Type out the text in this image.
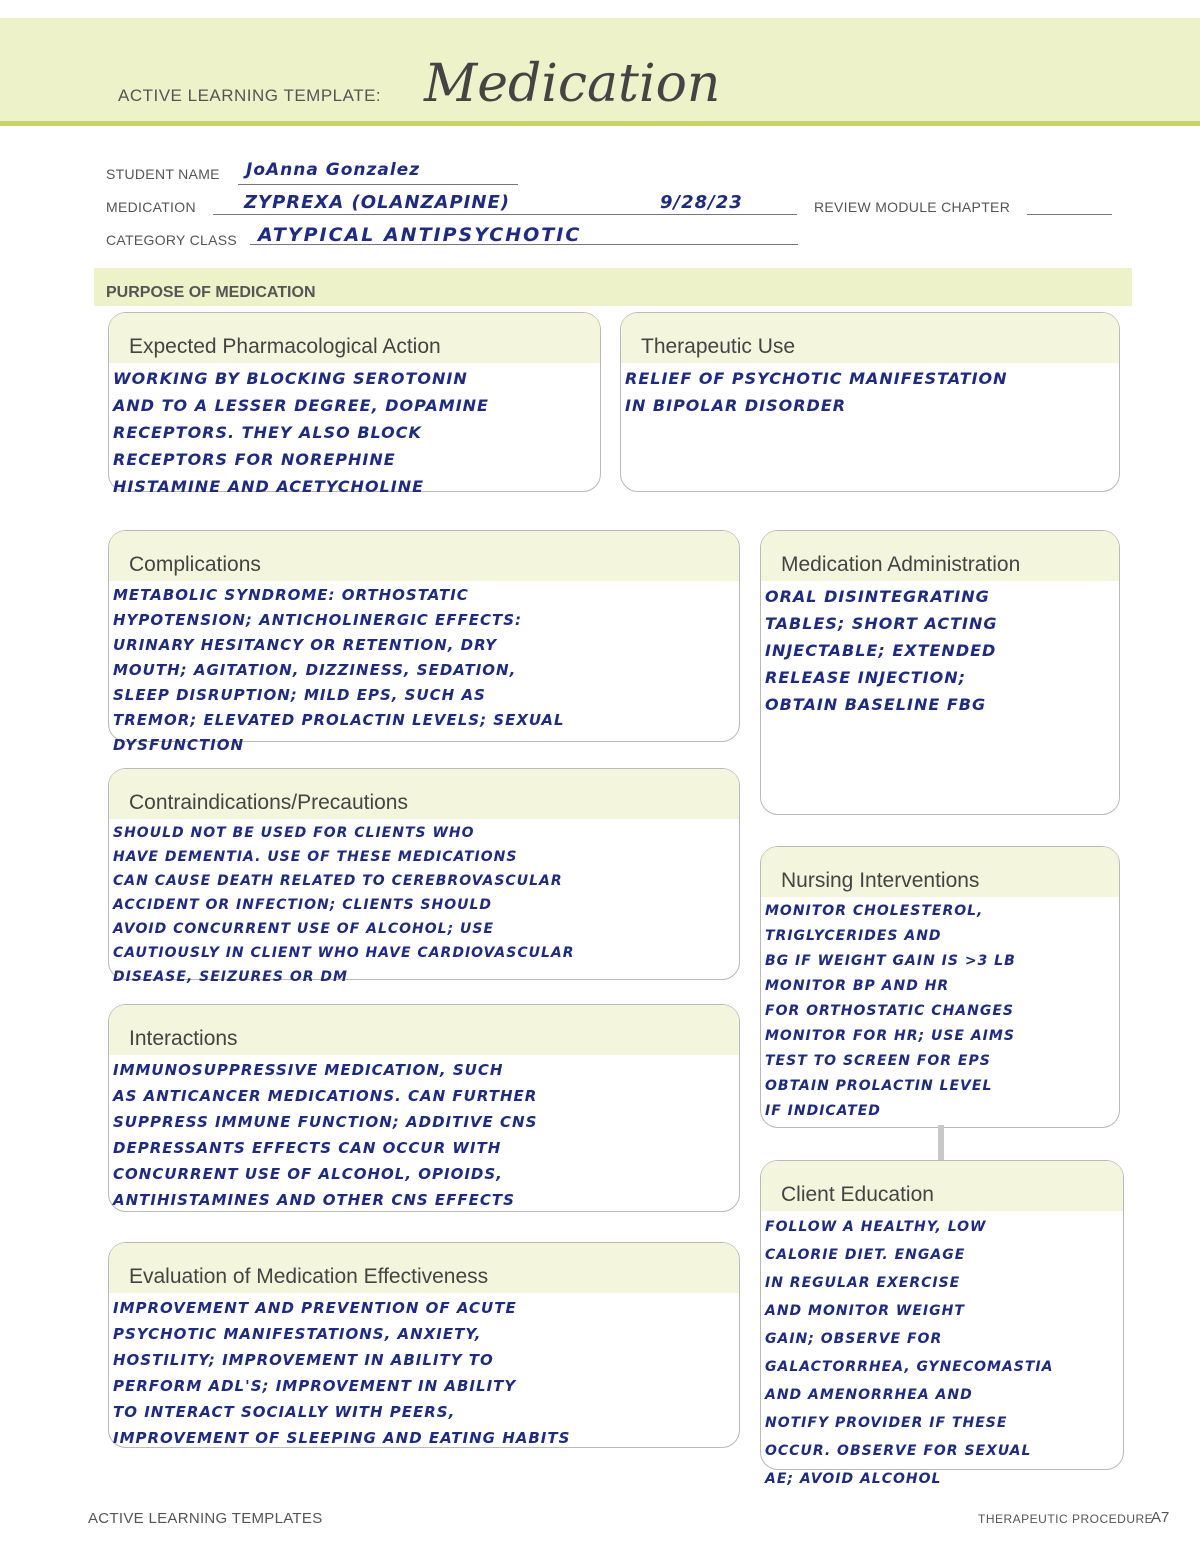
ACTIVE LEARNING TEMPLATE: Medication
STUDENT NAME JoAnna Gonzalez
MEDICATION	ZYPREXA (OLANZAPINE)	9/28/23	REVIEW MODULE CHAPTER
CATEGORY CLASS ATYPICAL ANTIPSYCHOTIC
PURPOSE OF MEDICATION
Expected Pharmacological Action
WORKING BY BLOCKING SEROTONIN
AND TO A LESSER DEGREE, DOPAMINE
RECEPTORS. THEY ALSO BLOCK
RECEPTORS FOR NOREPHINE
HISTAMINE AND ACETYCHOLINE
Therapeutic Use
RELIEF OF PSYCHOTIC MANIFESTATION
IN BIPOLAR DISORDER
Complications
METABOLIC SYNDROME: ORTHOSTATIC
HYPOTENSION; ANTICHOLINERGIC EFFECTS:
URINARY HESITANCY OR RETENTION, DRY
MOUTH; AGITATION, DIZZINESS, SEDATION,
SLEEP DISRUPTION; MILD EPS, SUCH AS
TREMOR; ELEVATED PROLACTIN LEVELS; SEXUAL
DYSFUNCTION
Medication Administration
ORAL DISINTEGRATING
TABLES; SHORT ACTING
INJECTABLE; EXTENDED
RELEASE INJECTION;
OBTAIN BASELINE FBG
Contraindications/Precautions
SHOULD NOT BE USED FOR CLIENTS WHO
HAVE DEMENTIA. USE OF THESE MEDICATIONS
CAN CAUSE DEATH RELATED TO CEREBROVASCULAR
ACCIDENT OR INFECTION; CLIENTS SHOULD
AVOID CONCURRENT USE OF ALCOHOL; USE
CAUTIOUSLY IN CLIENT WHO HAVE CARDIOVASCULAR
DISEASE, SEIZURES OR DM
Nursing Interventions
MONITOR CHOLESTEROL,
TRIGLYCERIDES AND
BG IF WEIGHT GAIN IS >3 LB
MONITOR BP AND HR
FOR ORTHOSTATIC CHANGES
MONITOR FOR HR; USE AIMS
TEST TO SCREEN FOR EPS
OBTAIN PROLACTIN LEVEL
IF INDICATED
Interactions
IMMUNOSUPPRESSIVE MEDICATION, SUCH
AS ANTICANCER MEDICATIONS. CAN FURTHER
SUPPRESS IMMUNE FUNCTION; ADDITIVE CNS
DEPRESSANTS EFFECTS CAN OCCUR WITH
CONCURRENT USE OF ALCOHOL, OPIOIDS,
ANTIHISTAMINES AND OTHER CNS EFFECTS	Client Education
FOLLOW A HEALTHY, LOW
CALORIE DIET. ENGAGE
IN REGULAR EXERCISE
AND MONITOR WEIGHT
GAIN; OBSERVE FOR
GALACTORRHEA, GYNECOMASTIA
AND AMENORRHEA AND
NOTIFY PROVIDER IF THESE
OCCUR. OBSERVE FOR SEXUAL
AE; AVOID ALCOHOL
Evaluation of Medication Effectiveness
IMPROVEMENT AND PREVENTION OF ACUTE
PSYCHOTIC MANIFESTATIONS, ANXIETY,
HOSTILITY; IMPROVEMENT IN ABILITY TO
PERFORM ADL'S; IMPROVEMENT IN ABILITY
TO INTERACT SOCIALLY WITH PEERS,
IMPROVEMENT OF SLEEPING AND EATING HABITS
ACTIVE LEARNING TEMPLATES	THERAPEUTIC PROCEDURE
A7
